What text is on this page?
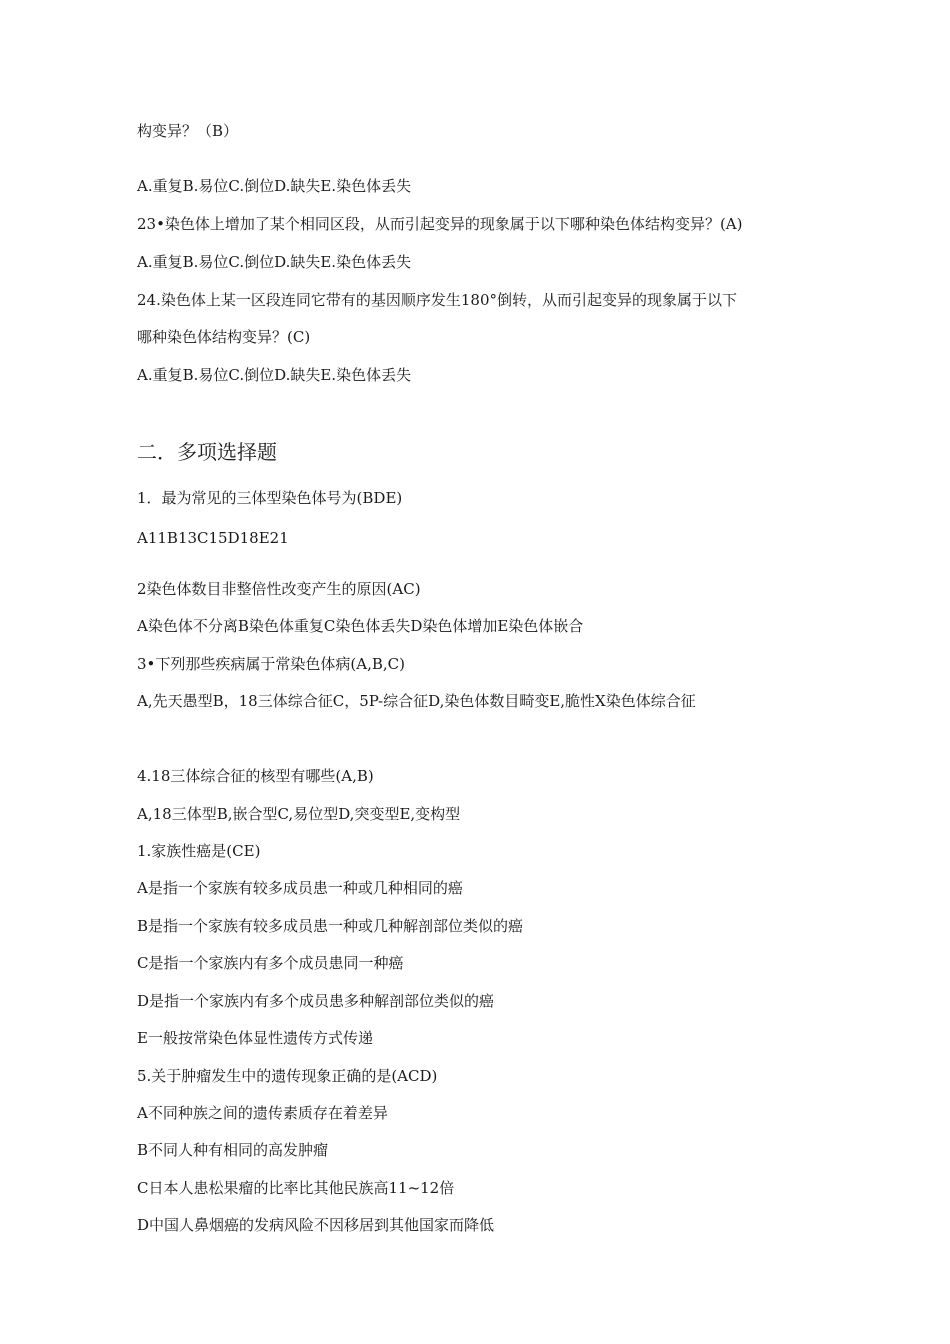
构变异？（B）
A.重复B.易位C.倒位D.缺失E.染色体丢失
23•染色体上增加了某个相同区段，从而引起变异的现象属于以下哪种染色体结构变异？(A)
A.重复B.易位C.倒位D.缺失E.染色体丢失
24.染色体上某一区段连同它带有的基因顺序发生180°倒转，从而引起变异的现象属于以下
哪种染色体结构变异？(C)
A.重复B.易位C.倒位D.缺失E.染色体丢失
二．多项选择题
1．最为常见的三体型染色体号为(BDE)
A11B13C15D18E21
2染色体数目非整倍性改变产生的原因(AC)
A染色体不分离B染色体重复C染色体丢失D染色体增加E染色体嵌合
3•下列那些疾病属于常染色体病(A,B,C)
A,先天愚型B，18三体综合征C，5P-综合征D,染色体数目畸变E,脆性X染色体综合征
4.18三体综合征的核型有哪些(A,B)
A,18三体型B,嵌合型C,易位型D,突变型E,变构型
1.家族性癌是(CE)
A是指一个家族有较多成员患一种或几种相同的癌
B是指一个家族有较多成员患一种或几种解剖部位类似的癌
C是指一个家族内有多个成员患同一种癌
D是指一个家族内有多个成员患多种解剖部位类似的癌
E一般按常染色体显性遗传方式传递
5.关于肿瘤发生中的遗传现象正确的是(ACD)
A不同种族之间的遗传素质存在着差异
B不同人种有相同的高发肿瘤
C日本人患松果瘤的比率比其他民族高11~12倍
D中国人鼻烟癌的发病风险不因移居到其他国家而降低
